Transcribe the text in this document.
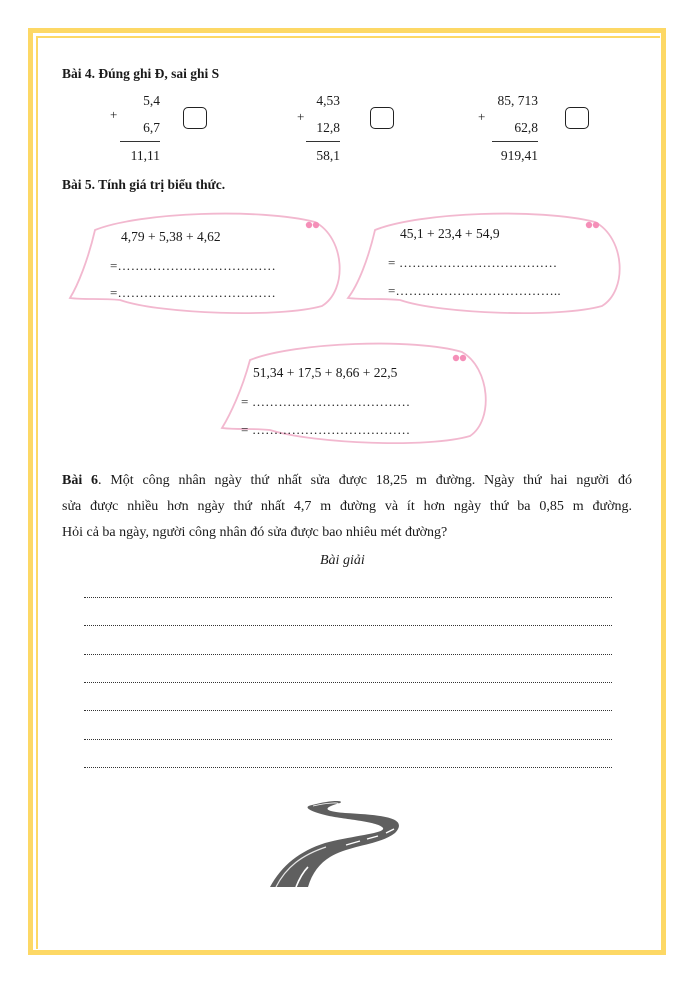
Bài 4. Đúng ghi Đ, sai ghi S
+
5,4
6,7
11,11
+
4,53
12,8
58,1
+
85, 713
62,8
919,41
Bài 5. Tính giá trị biểu thức.
4,79 + 5,38 + 4,62
=………………………………
=………………………………
45,1 + 23,4 + 54,9
= ………………………………
=………………………………..
51,34 + 17,5 + 8,66 + 22,5
= ………………………………
= ………………………………
Bài 6. Một công nhân ngày thứ nhất sửa được 18,25 m đường. Ngày thứ hai người đó
sửa được nhiều hơn ngày thứ nhất 4,7 m đường và ít hơn ngày thứ ba 0,85 m đường.
Hỏi cả ba ngày, người công nhân đó sửa được bao nhiêu mét đường?
Bài giải
